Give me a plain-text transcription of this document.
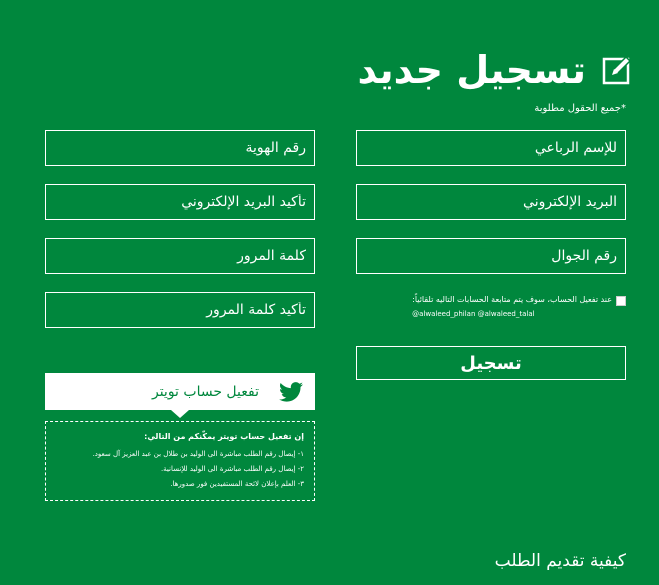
تسجيل جديد
*جميع الحقول مطلوبة
للإسم الرباعي
رقم الهوية
البريد الإلكتروني
تأكيد البريد الإلكتروني
رقم الجوال
عند تفعيل الحساب، سوف يتم متابعة الحسابات التاليه تلقائياً:
@alwaleed_philan @alwaleed_talal
تسجيل
تفعيل حساب تويتر
إن تفعيل حساب تويتر يمكّنكم من التالي:
١- إيصال رقم الطلب مباشرة الى الوليد بن طلال بن عبد العزيز آل سعود.
٢- إيصال رقم الطلب مباشرة الى الوليد للإنسانية.
٣- العلم بإعلان لائحة المستفيدين فور صدورها.
كيفية تقديم الطلب
